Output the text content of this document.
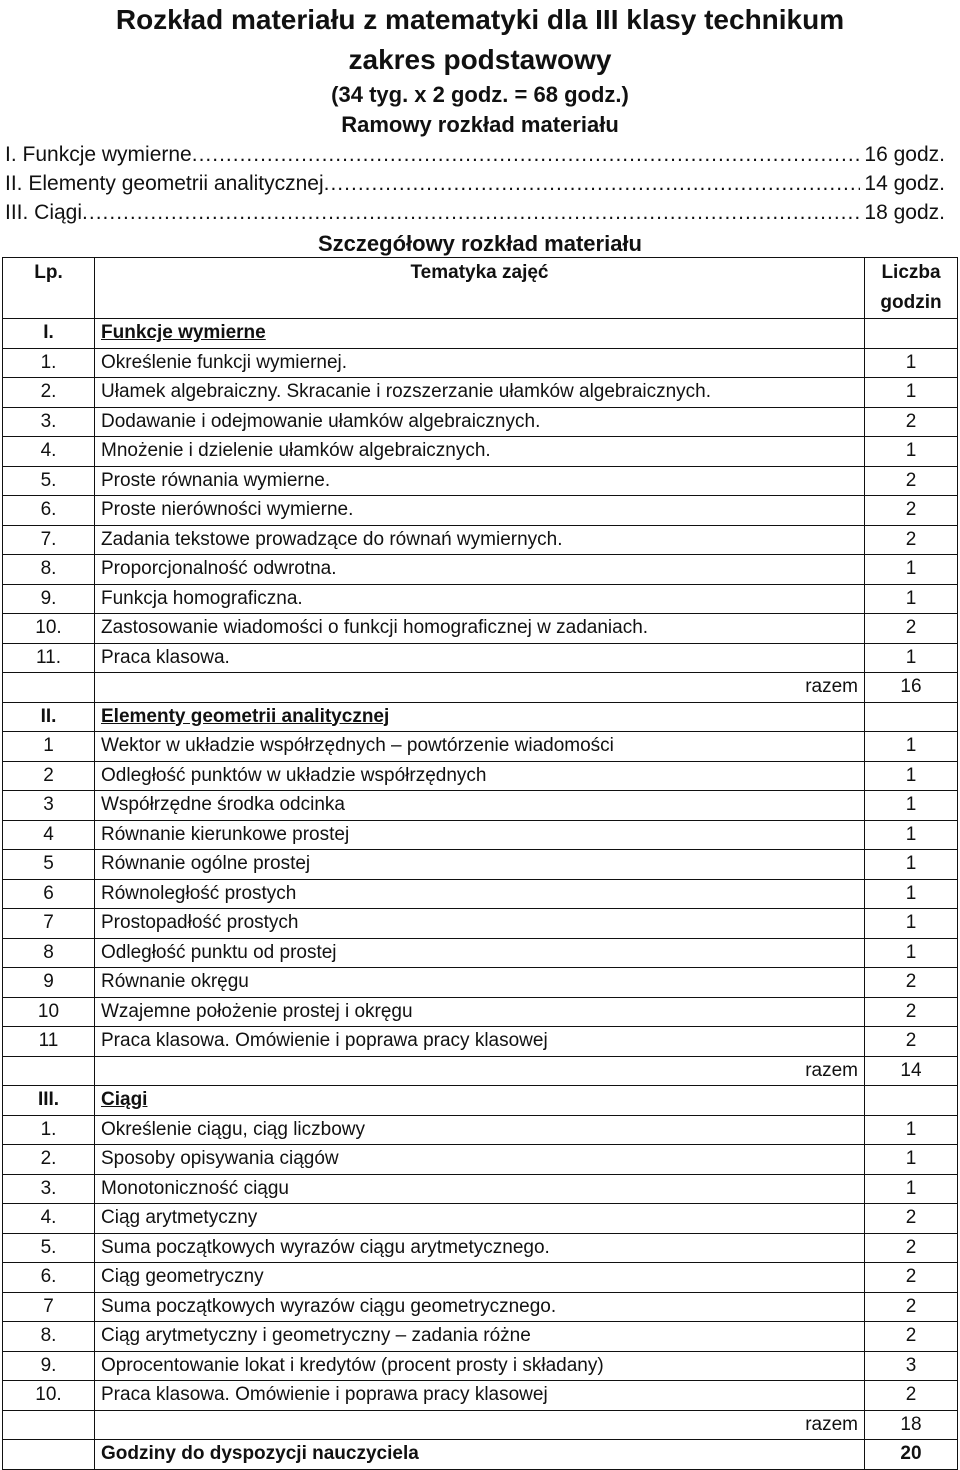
Rozkład materiału z matematyki dla III klasy technikum
zakres podstawowy
(34 tyg. x 2 godz. = 68 godz.)
Ramowy rozkład materiału
I. Funkcje wymierne .....	16 godz.
II. Elementy geometrii analitycznej .....	14 godz.
III. Ciągi .....	18 godz.
Szczegółowy rozkład materiału
Lp.	Tematyka zajęć	Liczba
godzin
I.	Funkcje wymierne	
1.	Określenie funkcji wymiernej.	1
2.	Ułamek algebraiczny. Skracanie i rozszerzanie ułamków algebraicznych.	1
3.	Dodawanie i odejmowanie ułamków algebraicznych.	2
4.	Mnożenie i dzielenie ułamków algebraicznych.	1
5.	Proste równania wymierne.	2
6.	Proste nierówności wymierne.	2
7.	Zadania tekstowe prowadzące do równań wymiernych.	2
8.	Proporcjonalność odwrotna.	1
9.	Funkcja homograficzna.	1
10.	Zastosowanie wiadomości o funkcji homograficznej w zadaniach.	2
11.	Praca klasowa.	1
	razem	16
II.	Elementy geometrii analitycznej	
1	Wektor w układzie współrzędnych – powtórzenie wiadomości	1
2	Odległość punktów w układzie współrzędnych	1
3	Współrzędne środka odcinka	1
4	Równanie kierunkowe prostej	1
5	Równanie ogólne prostej	1
6	Równoległość prostych	1
7	Prostopadłość prostych	1
8	Odległość punktu od prostej	1
9	Równanie okręgu	2
10	Wzajemne położenie prostej i okręgu	2
11	Praca klasowa. Omówienie i poprawa pracy klasowej	2
	razem	14
III.	Ciągi	
1.	Określenie ciągu, ciąg liczbowy	1
2.	Sposoby opisywania ciągów	1
3.	Monotoniczność ciągu	1
4.	Ciąg arytmetyczny	2
5.	Suma początkowych wyrazów ciągu arytmetycznego.	2
6.	Ciąg geometryczny	2
7	Suma początkowych wyrazów ciągu geometrycznego.	2
8.	Ciąg arytmetyczny i geometryczny – zadania różne	2
9.	Oprocentowanie lokat i kredytów (procent prosty i składany)	3
10.	Praca klasowa. Omówienie i poprawa pracy klasowej	2
	razem	18
	Godziny do dyspozycji nauczyciela	20
